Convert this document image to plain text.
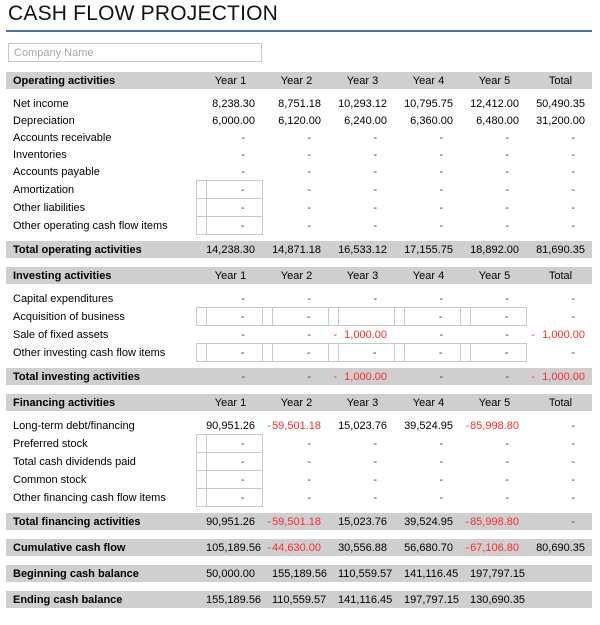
CASH FLOW PROJECTION
Company Name
Operating activities		Year 1		Year 2		Year 3		Year 4		Year 5		Total

Net income		8,238.30		8,751.18		10,293.12		10,795.75		12,412.00		50,490.35
Depreciation		6,000.00		6,120.00		6,240.00		6,360.00		6,480.00		31,200.00
Accounts receivable		-		-		-		-		-		-
Inventories		-		-		-		-		-		-
Accounts payable		-		-		-		-		-		-
Amortization		-		-		-		-		-		-
Other liabilities		-		-		-		-		-		-
Other operating cash flow items		-		-		-		-		-		-

Total operating activities		14,238.30		14,871.18		16,533.12		17,155.75		18,892.00		81,690.35

Investing activities		Year 1		Year 2		Year 3		Year 4		Year 5		Total

Capital expenditures		-		-		-		-		-		-
Acquisition of business		-		-				-		-		-
Sale of fixed assets		-		-	-	1,000.00		-		-	-	1,000.00
Other investing cash flow items		-		-		-		-		-		-

Total investing activities		-		-	-	1,000.00		-		-	-	1,000.00

Financing activities		Year 1		Year 2		Year 3		Year 4		Year 5		Total

Long-term debt/financing		90,951.26	-	59,501.18		15,023.76		39,524.95	-	85,998.80		-
Preferred stock		-		-		-		-		-		-
Total cash dividends paid		-		-		-		-		-		-
Common stock		-		-		-		-		-		-
Other financing cash flow items		-		-		-		-		-		-

Total financing activities		90,951.26	-	59,501.18		15,023.76		39,524.95	-	85,998.80		-

Cumulative cash flow		105,189.56	-	44,630.00		30,556.88		56,680.70	-	67,106.80		80,690.35

Beginning cash balance		50,000.00		155,189.56		110,559.57		141,116.45		197,797.15		

Ending cash balance		155,189.56		110,559.57		141,116.45		197,797.15		130,690.35		
